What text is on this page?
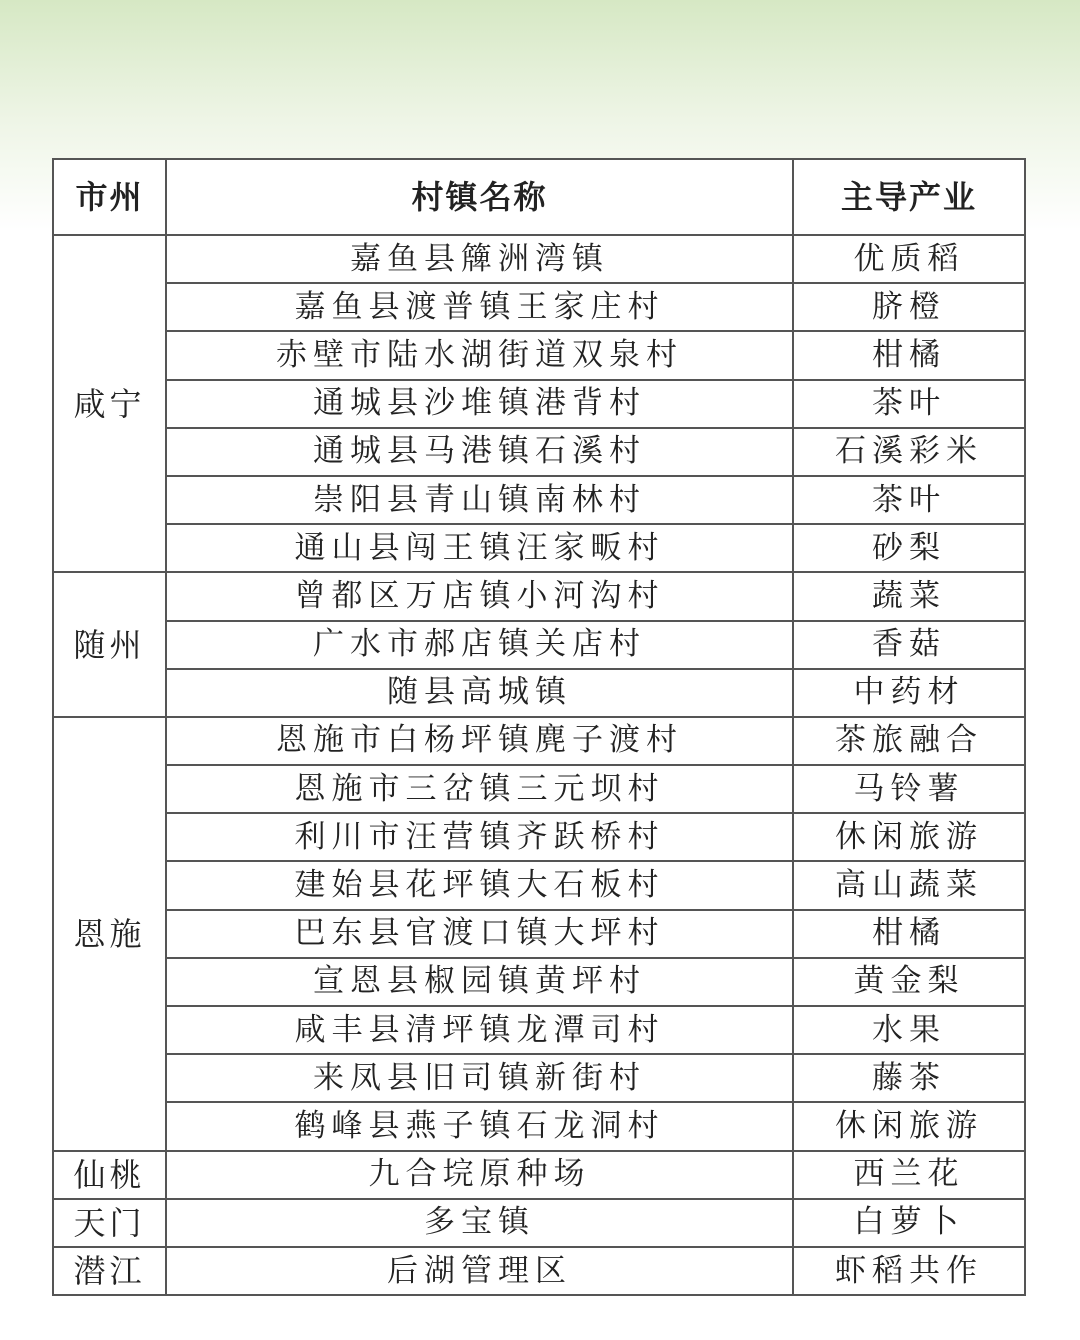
市州	村镇名称	主导产业
咸宁	嘉鱼县簰洲湾镇	优质稻
	嘉鱼县渡普镇王家庄村	脐橙
	赤壁市陆水湖街道双泉村	柑橘
	通城县沙堆镇港背村	茶叶
	通城县马港镇石溪村	石溪彩米
	崇阳县青山镇南林村	茶叶
	通山县闯王镇汪家畈村	砂梨
随州	曾都区万店镇小河沟村	蔬菜
	广水市郝店镇关店村	香菇
	随县高城镇	中药材
恩施	恩施市白杨坪镇麂子渡村	茶旅融合
	恩施市三岔镇三元坝村	马铃薯
	利川市汪营镇齐跃桥村	休闲旅游
	建始县花坪镇大石板村	高山蔬菜
	巴东县官渡口镇大坪村	柑橘
	宣恩县椒园镇黄坪村	黄金梨
	咸丰县清坪镇龙潭司村	水果
	来凤县旧司镇新街村	藤茶
	鹤峰县燕子镇石龙洞村	休闲旅游
仙桃	九合垸原种场	西兰花
天门	多宝镇	白萝卜
潜江	后湖管理区	虾稻共作
